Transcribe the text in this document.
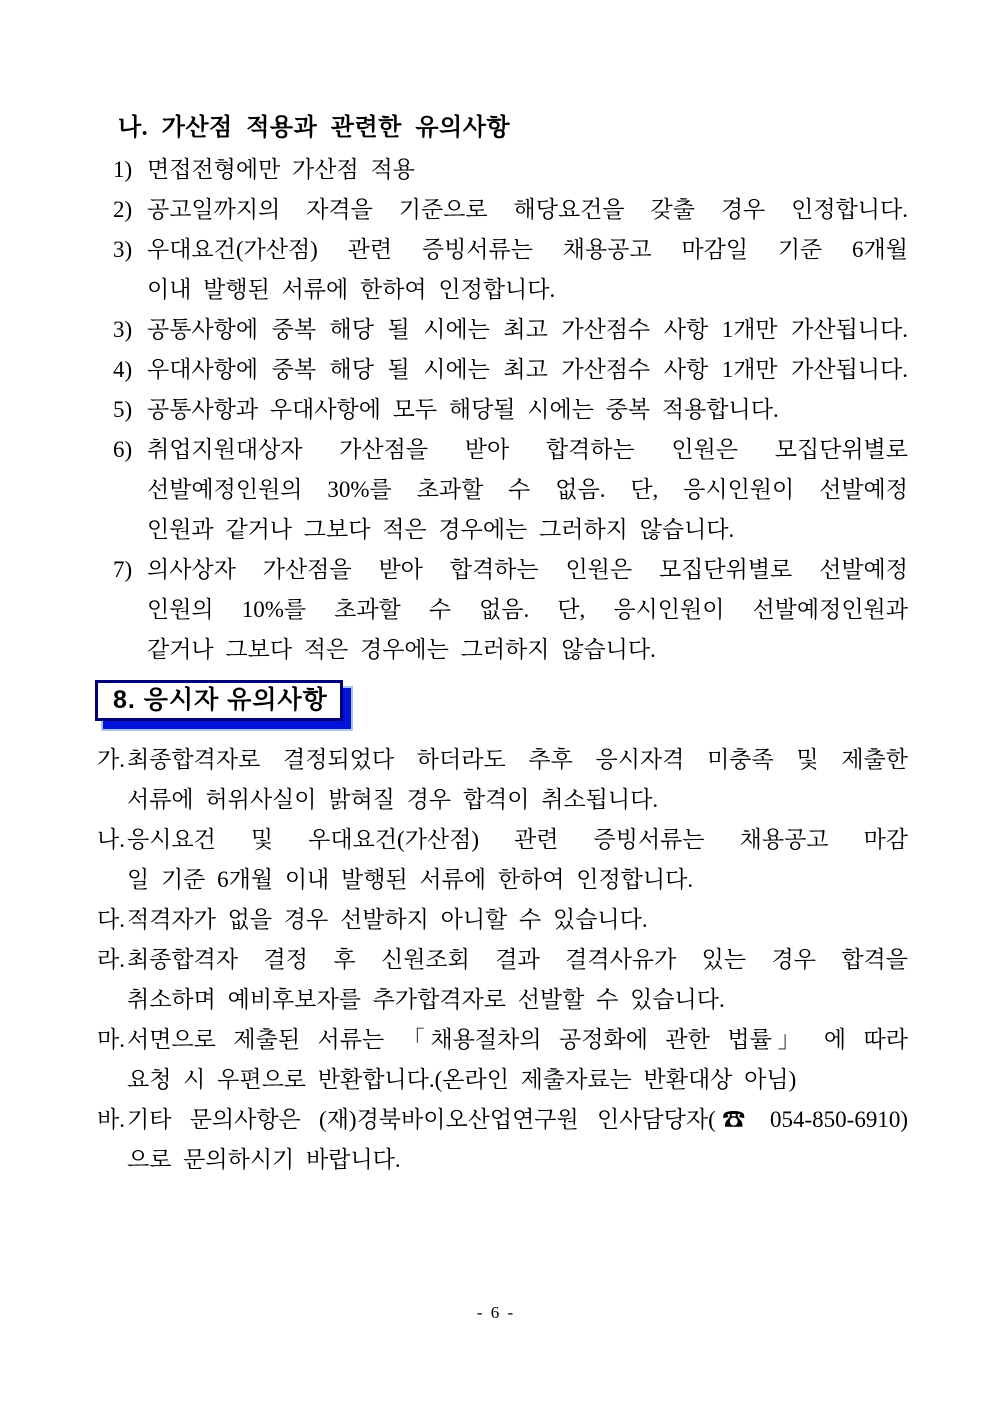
나. 가산점 적용과 관련한 유의사항
1) 면접전형에만 가산점 적용
2) 공고일까지의 자격을 기준으로 해당요건을 갖출 경우 인정합니다.
3) 우대요건(가산점) 관련 증빙서류는 채용공고 마감일 기준 6개월
이내 발행된 서류에 한하여 인정합니다.
3) 공통사항에 중복 해당 될 시에는 최고 가산점수 사항 1개만 가산됩니다.
4) 우대사항에 중복 해당 될 시에는 최고 가산점수 사항 1개만 가산됩니다.
5) 공통사항과 우대사항에 모두 해당될 시에는 중복 적용합니다.
6) 취업지원대상자 가산점을 받아 합격하는 인원은 모집단위별로
선발예정인원의 30%를 초과할 수 없음. 단, 응시인원이 선발예정
인원과 같거나 그보다 적은 경우에는 그러하지 않습니다.
7) 의사상자 가산점을 받아 합격하는 인원은 모집단위별로 선발예정
인원의 10%를 초과할 수 없음. 단, 응시인원이 선발예정인원과
같거나 그보다 적은 경우에는 그러하지 않습니다.
8. 응시자 유의사항
가. 최종합격자로 결정되었다 하더라도 추후 응시자격 미충족 및 제출한
서류에 허위사실이 밝혀질 경우 합격이 취소됩니다.
나. 응시요건 및 우대요건(가산점) 관련 증빙서류는 채용공고 마감
일 기준 6개월 이내 발행된 서류에 한하여 인정합니다.
다. 적격자가 없을 경우 선발하지 아니할 수 있습니다.
라. 최종합격자 결정 후 신원조회 결과 결격사유가 있는 경우 합격을
취소하며 예비후보자를 추가합격자로 선발할 수 있습니다.
마. 서면으로 제출된 서류는 「채용절차의 공정화에 관한 법률」 에 따라
요청 시 우편으로 반환합니다.(온라인 제출자료는 반환대상 아님)
바. 기타 문의사항은 (재)경북바이오산업연구원 인사담당자(☎ 054-850-6910)
으로 문의하시기 바랍니다.
- 6 -
